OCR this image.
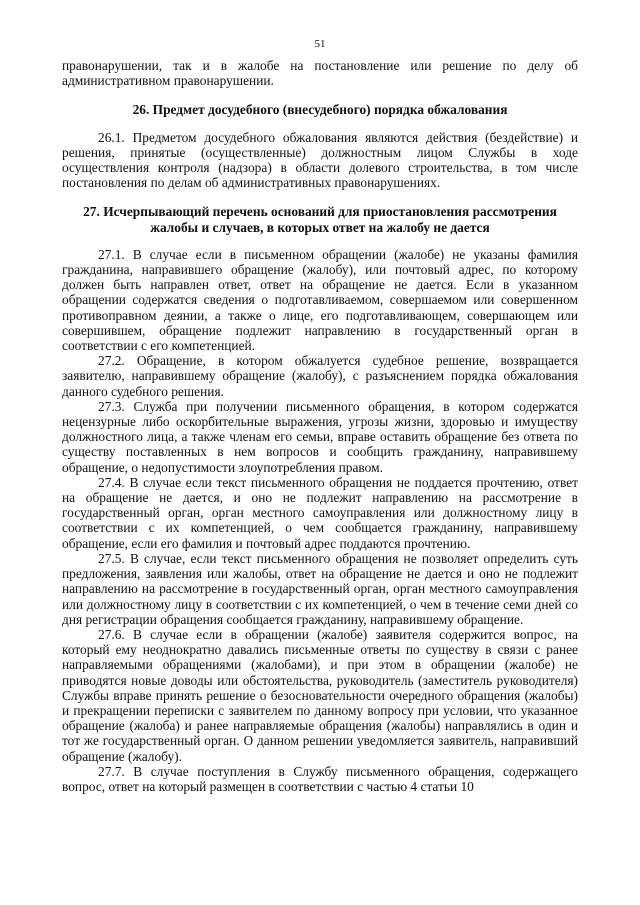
51

правонарушении, так и в жалобе на постановление или решение по делу об административном правонарушении.

26. Предмет досудебного (внесудебного) порядка обжалования

26.1. Предметом досудебного обжалования являются действия (бездействие) и решения, принятые (осуществленные) должностным лицом Службы в ходе осуществления контроля (надзора) в области долевого строительства, в том числе постановления по делам об административных правонарушениях.

27. Исчерпывающий перечень оснований для приостановления рассмотрения жалобы и случаев, в которых ответ на жалобу не дается

27.1. В случае если в письменном обращении (жалобе) не указаны фамилия гражданина, направившего обращение (жалобу), или почтовый адрес, по которому должен быть направлен ответ, ответ на обращение не дается. Если в указанном обращении содержатся сведения о подготавливаемом, совершаемом или совершенном противоправном деянии, а также о лице, его подготавливающем, совершающем или совершившем, обращение подлежит направлению в государственный орган в соответствии с его компетенцией.

27.2. Обращение, в котором обжалуется судебное решение, возвращается заявителю, направившему обращение (жалобу), с разъяснением порядка обжалования данного судебного решения.

27.3. Служба при получении письменного обращения, в котором содержатся нецензурные либо оскорбительные выражения, угрозы жизни, здоровью и имуществу должностного лица, а также членам его семьи, вправе оставить обращение без ответа по существу поставленных в нем вопросов и сообщить гражданину, направившему обращение, о недопустимости злоупотребления правом.

27.4. В случае если текст письменного обращения не поддается прочтению, ответ на обращение не дается, и оно не подлежит направлению на рассмотрение в государственный орган, орган местного самоуправления или должностному лицу в соответствии с их компетенцией, о чем сообщается гражданину, направившему обращение, если его фамилия и почтовый адрес поддаются прочтению.

27.5. В случае, если текст письменного обращения не позволяет определить суть предложения, заявления или жалобы, ответ на обращение не дается и оно не подлежит направлению на рассмотрение в государственный орган, орган местного самоуправления или должностному лицу в соответствии с их компетенцией, о чем в течение семи дней со дня регистрации обращения сообщается гражданину, направившему обращение.

27.6. В случае если в обращении (жалобе) заявителя содержится вопрос, на который ему неоднократно давались письменные ответы по существу в связи с ранее направляемыми обращениями (жалобами), и при этом в обращении (жалобе) не приводятся новые доводы или обстоятельства, руководитель (заместитель руководителя) Службы вправе принять решение о безосновательности очередного обращения (жалобы) и прекращении переписки с заявителем по данному вопросу при условии, что указанное обращение (жалоба) и ранее направляемые обращения (жалобы) направлялись в один и тот же государственный орган. О данном решении уведомляется заявитель, направивший обращение (жалобу).

27.7. В случае поступления в Службу письменного обращения, содержащего вопрос, ответ на который размещен в соответствии с частью 4 статьи 10
